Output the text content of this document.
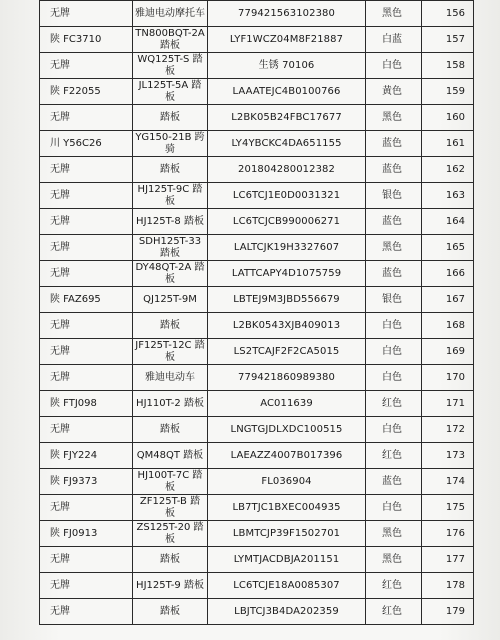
无牌	雅迪电动摩托车	779421563102380	黑色	156
陕 FC3710	TN800BQT-2A 踏板	LYF1WCZ04M8F21887	白蓝	157
无牌	WQ125T-S 踏板	生锈 70106	白色	158
陕 F22055	JL125T-5A 踏板	LAAATEJC4B0100766	黄色	159
无牌	踏板	L2BK05B24FBC17677	黑色	160
川 Y56C26	YG150-21B 跨骑	LY4YBCKC4DA651155	蓝色	161
无牌	踏板	201804280012382	蓝色	162
无牌	HJ125T-9C 踏板	LC6TCJ1E0D0031321	银色	163
无牌	HJ125T-8 踏板	LC6TCJCB990006271	蓝色	164
无牌	SDH125T-33 踏板	LALTCJK19H3327607	黑色	165
无牌	DY48QT-2A 踏板	LATTCAPY4D1075759	蓝色	166
陕 FAZ695	QJ125T-9M	LBTEJ9M3JBD556679	银色	167
无牌	踏板	L2BK0543XJB409013	白色	168
无牌	JF125T-12C 踏板	LS2TCAJF2F2CA5015	白色	169
无牌	雅迪电动车	779421860989380	白色	170
陕 FTJ098	HJ110T-2 踏板	AC011639	红色	171
无牌	踏板	LNGTGJDLXDC100515	白色	172
陕 FJY224	QM48QT 踏板	LAEAZZ4007B017396	红色	173
陕 FJ9373	HJ100T-7C 踏板	FL036904	蓝色	174
无牌	ZF125T-B 踏板	LB7TJC1BXEC004935	白色	175
陕 FJ0913	ZS125T-20 踏板	LBMTCJP39F1502701	黑色	176
无牌	踏板	LYMTJACDBJA201151	黑色	177
无牌	HJ125T-9 踏板	LC6TCJE18A0085307	红色	178
无牌	踏板	LBJTCJ3B4DA202359	红色	179
